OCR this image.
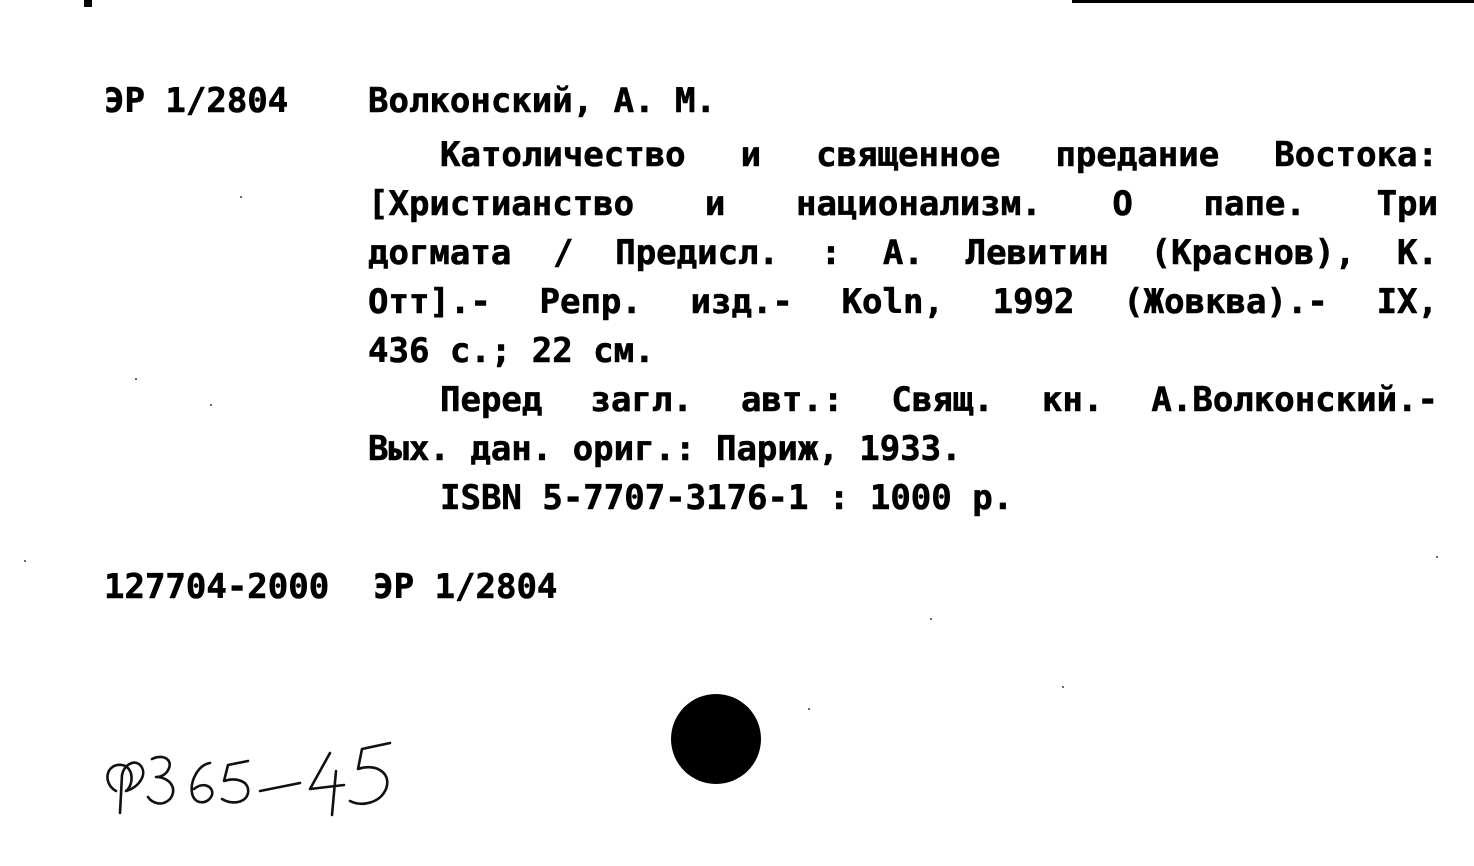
ЭР 1/2804 Волконский, А. М.
Католичество и священное предание Востока:
[Христианство и национализм. О папе. Три
догмата / Предисл. : А. Левитин (Краснов), К.
Отт].- Репр. изд.- Koln, 1992 (Жовква).- IX,
436 с.; 22 см.
Перед загл. авт.: Свящ. кн. А.Волконский.-
Вых. дан. ориг.: Париж, 1933.
ISBN 5-7707-3176-1 : 1000 р.
127704-2000 ЭР 1/2804
